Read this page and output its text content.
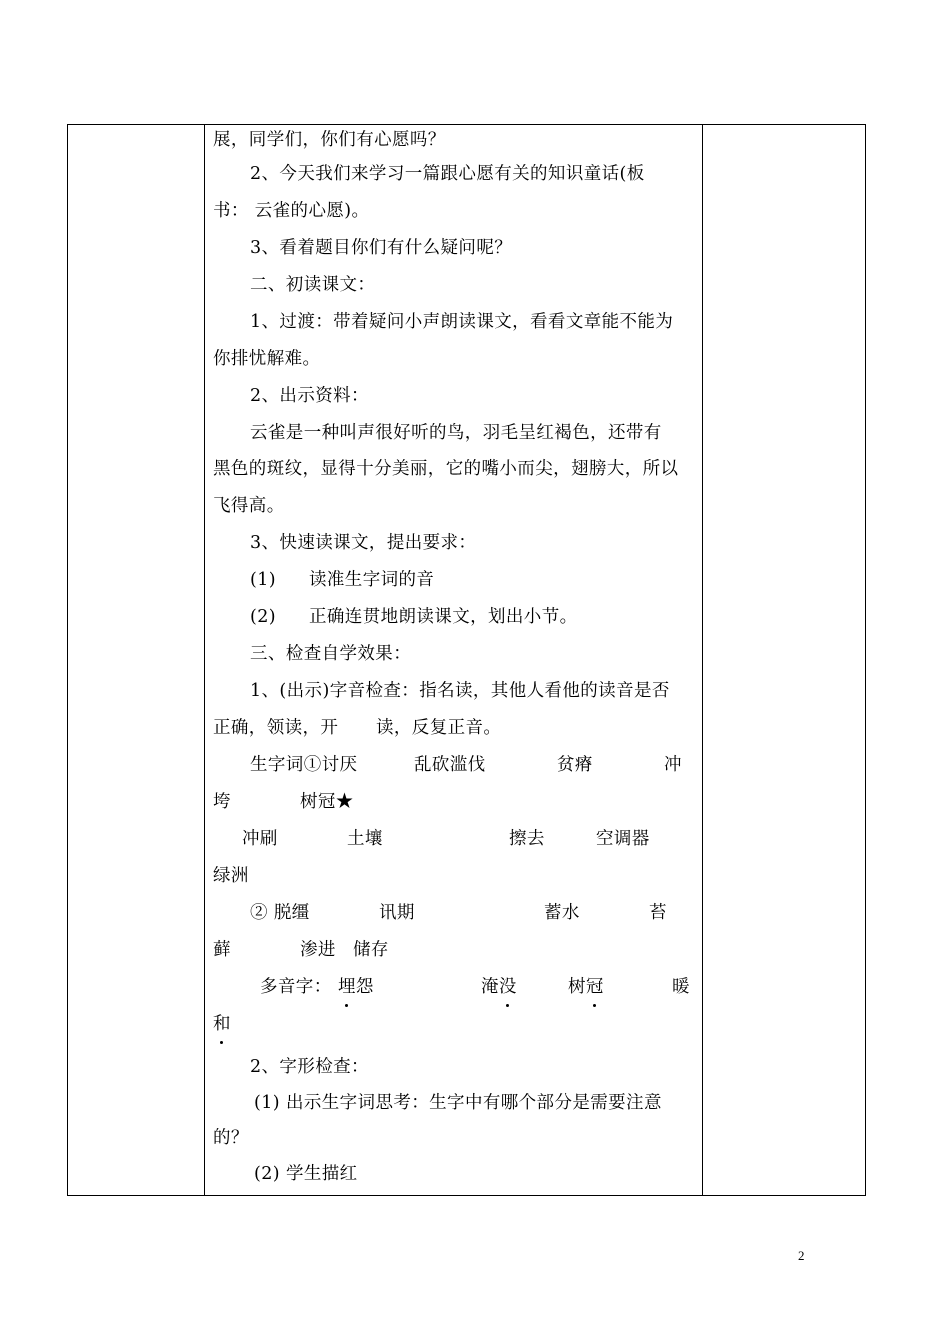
展，同学们，你们有心愿吗？
2、今天我们来学习一篇跟心愿有关的知识童话(板
书： 云雀的心愿)。
3、看着题目你们有什么疑问呢？
二、初读课文：
1、过渡：带着疑问小声朗读课文，看看文章能不能为
你排忧解难。
2、出示资料：
云雀是一种叫声很好听的鸟，羽毛呈红褐色，还带有
黑色的斑纹，显得十分美丽，它的嘴小而尖，翅膀大，所以
飞得高。
3、快速读课文，提出要求：
(1) 读准生字词的音
(2) 正确连贯地朗读课文，划出小节。
三、检查自学效果：
1、(出示)字音检查：指名读，其他人看他的读音是否
正确，领读，开 读，反复正音。
生字词①讨厌	乱砍滥伐	贫瘠	冲
垮	树冠★
冲刷	土壤	擦去	空调器
绿洲
② 脱缰	讯期	蓄水	苔
藓	渗进 储存
多音字： 埋怨	淹没	树冠	暖
和
2、字形检查：
(1) 出示生字词思考：生字中有哪个部分是需要注意
的？
(2) 学生描红
2
